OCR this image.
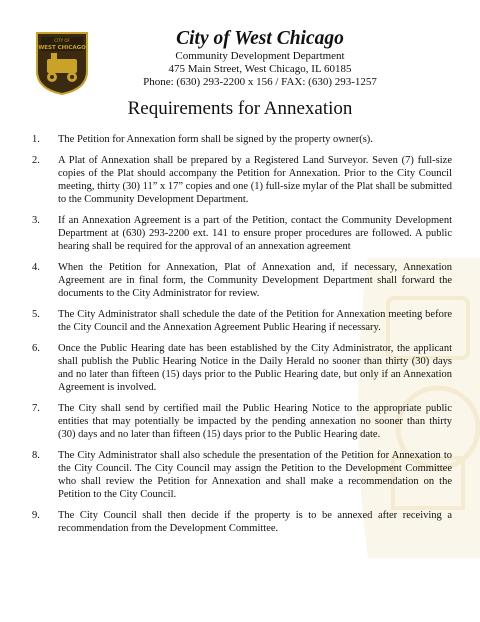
CITY OF
WEST CHICAGO	City of West Chicago
Community Development Department
475 Main Street, West Chicago, IL 60185
Phone: (630) 293-2200 x 156 / FAX: (630) 293-1257
Requirements for Annexation
1. The Petition for Annexation form shall be signed by the property owner(s).
2. A Plat of Annexation shall be prepared by a Registered Land Surveyor. Seven (7) full-size copies of the Plat should accompany the Petition for Annexation. Prior to the City Council meeting, thirty (30) 11” x 17” copies and one (1) full-size mylar of the Plat shall be submitted to the Community Development Department.
3. If an Annexation Agreement is a part of the Petition, contact the Community Development Department at (630) 293-2200 ext. 141 to ensure proper procedures are followed. A public hearing shall be required for the approval of an annexation agreement
4. When the Petition for Annexation, Plat of Annexation and, if necessary, Annexation Agreement are in final form, the Community Development Department shall forward the documents to the City Administrator for review.
5. The City Administrator shall schedule the date of the Petition for Annexation meeting before the City Council and the Annexation Agreement Public Hearing if necessary.
6. Once the Public Hearing date has been established by the City Administrator, the applicant shall publish the Public Hearing Notice in the Daily Herald no sooner than thirty (30) days and no later than fifteen (15) days prior to the Public Hearing date, but only if an Annexation Agreement is involved.
7. The City shall send by certified mail the Public Hearing Notice to the appropriate public entities that may potentially be impacted by the pending annexation no sooner than thirty (30) days and no later than fifteen (15) days prior to the Public Hearing date.
8. The City Administrator shall also schedule the presentation of the Petition for Annexation to the City Council. The City Council may assign the Petition to the Development Committee who shall review the Petition for Annexation and shall make a recommendation on the Petition to the City Council.
9. The City Council shall then decide if the property is to be annexed after receiving a recommendation from the Development Committee.
